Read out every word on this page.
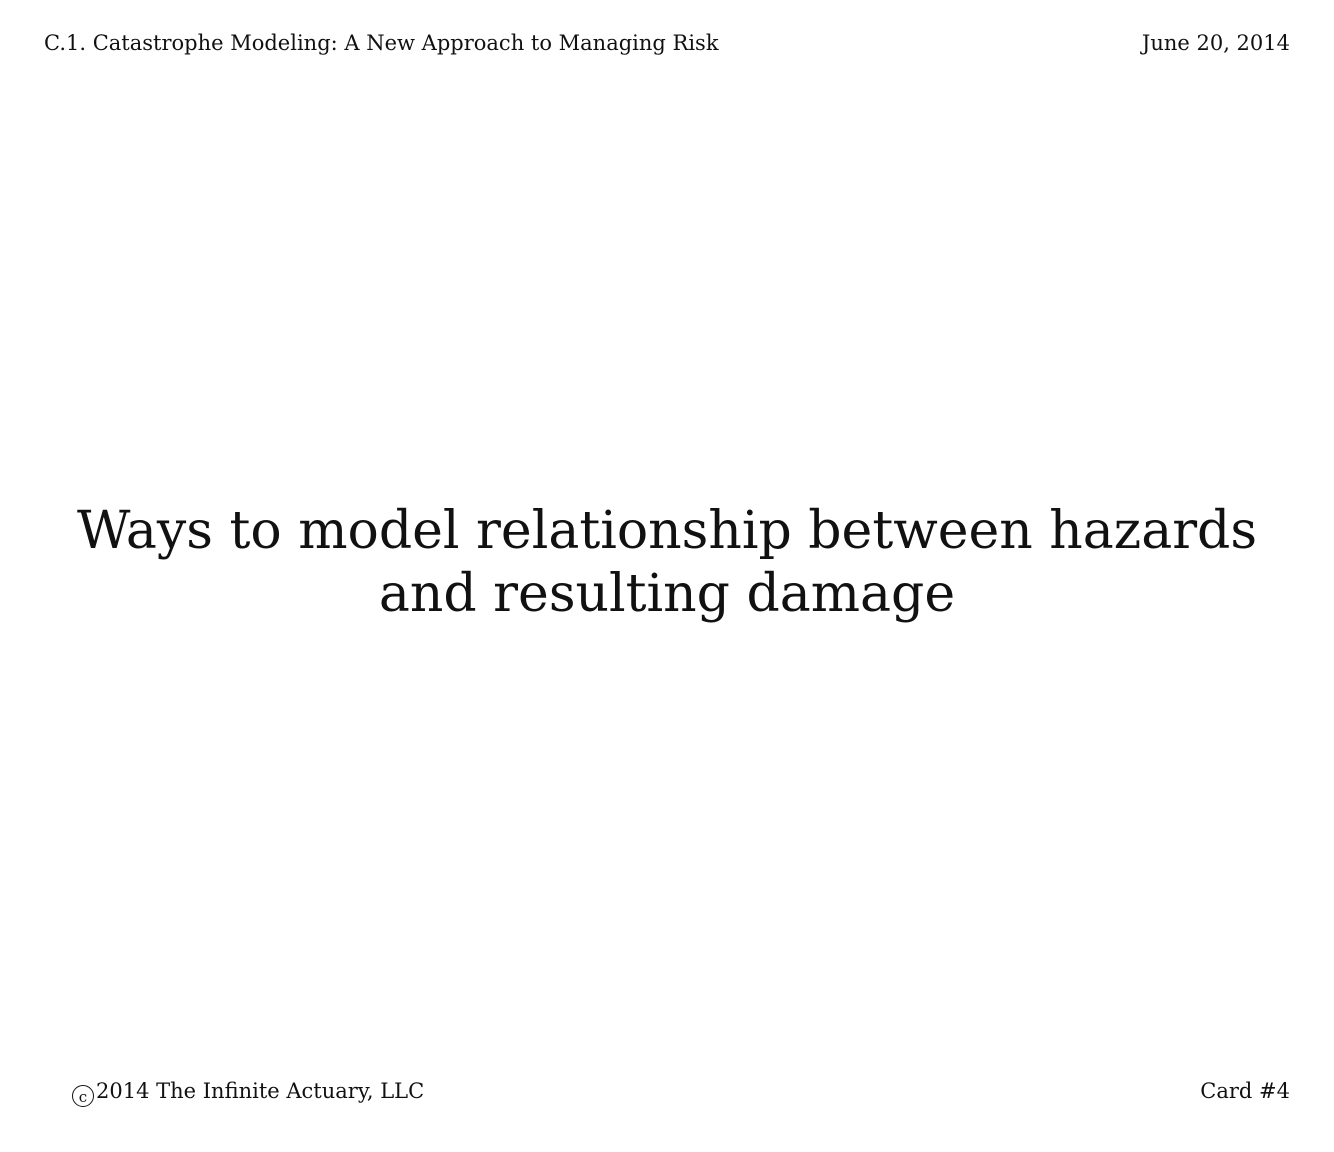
C.1. Catastrophe Modeling: A New Approach to Managing Risk	June 20, 2014
Ways to model relationship between hazards and resulting damage
c 2014 The Infinite Actuary, LLC	Card #4
